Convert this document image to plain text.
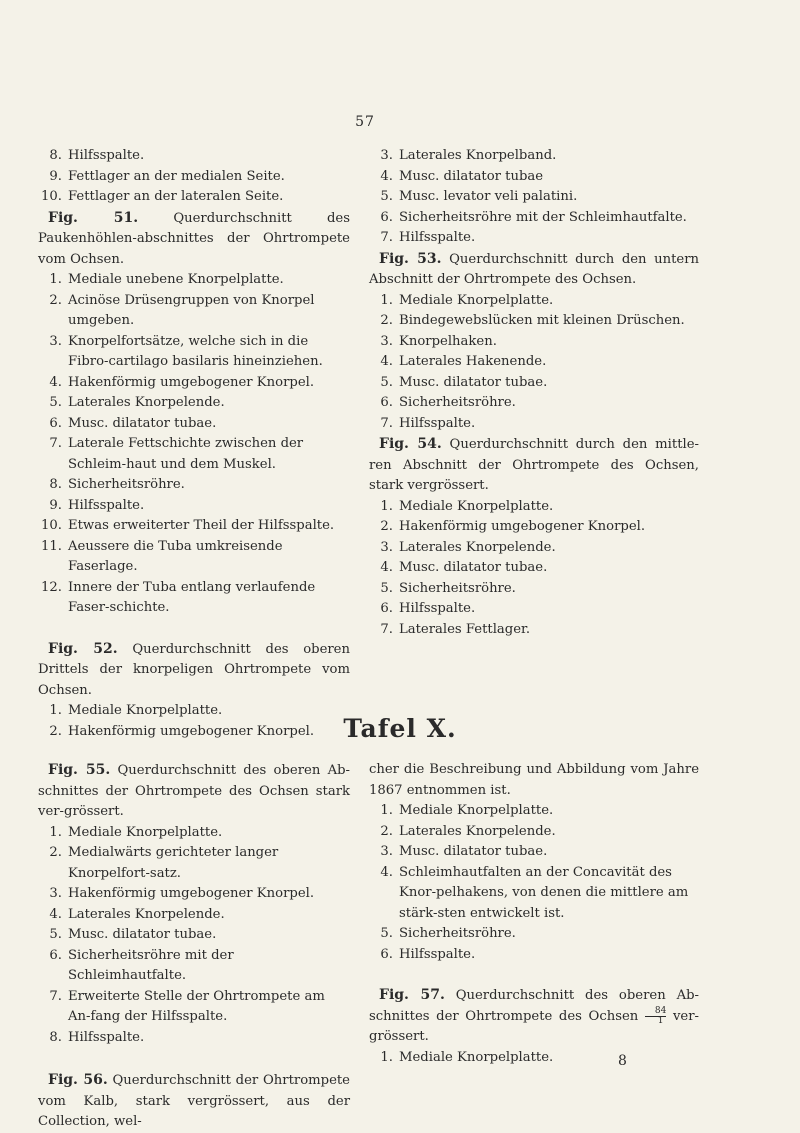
57
8. Hilfsspalte.
9. Fettlager an der medialen Seite.
10. Fettlager an der lateralen Seite.

Fig. 51.	Querdurchschnitt des Paukenhöhlen-abschnittes der Ohrtrompete vom Ochsen.

1. Mediale unebene Knorpelplatte.
2. Acinöse Drüsengruppen von Knorpel umgeben.
3. Knorpelfortsätze, welche sich in die Fibro-cartilago basilaris hineinziehen.
4. Hakenförmig umgebogener Knorpel.
5. Laterales Knorpelende.
6. Musc. dilatator tubae.
7. Laterale Fettschichte zwischen der Schleim-haut und dem Muskel.
8. Sicherheitsröhre.
9. Hilfsspalte.
10. Etwas erweiterter Theil der Hilfsspalte.
11. Aeussere die Tuba umkreisende Faserlage.
12. Innere der Tuba entlang verlaufende Faser-schichte.

Fig. 52. Querdurchschnitt des oberen Drittels der knorpeligen Ohrtrompete vom Ochsen.

1. Mediale Knorpelplatte.
2. Hakenförmig umgebogener Knorpel.
3. Laterales Knorpelband.
4. Musc. dilatator tubae
5. Musc. levator veli palatini.
6. Sicherheitsröhre mit der Schleimhautfalte.
7. Hilfsspalte.

Fig. 53. Querdurchschnitt durch den untern Abschnitt der Ohrtrompete des Ochsen.

1. Mediale Knorpelplatte.
2. Bindegewebslücken mit kleinen Drüschen.
3. Knorpelhaken.
4. Laterales Hakenende.
5. Musc. dilatator tubae.
6. Sicherheitsröhre.
7. Hilfsspalte.

Fig. 54. Querdurchschnitt durch den mittle-ren Abschnitt der Ohrtrompete des Ochsen, stark vergrössert.

1. Mediale Knorpelplatte.
2. Hakenförmig umgebogener Knorpel.
3. Laterales Knorpelende.
4. Musc. dilatator tubae.
5. Sicherheitsröhre.
6. Hilfsspalte.
7. Laterales Fettlager.
Tafel X.

Fig. 55. Querdurchschnitt des oberen Ab-schnittes der Ohrtrompete des Ochsen stark ver-grössert.

1. Mediale Knorpelplatte.
2. Medialwärts gerichteter langer Knorpelfort-satz.
3. Hakenförmig umgebogener Knorpel.
4. Laterales Knorpelende.
5. Musc. dilatator tubae.
6. Sicherheitsröhre mit der Schleimhautfalte.
7. Erweiterte Stelle der Ohrtrompete am An-fang der Hilfsspalte.
8. Hilfsspalte.

Fig. 56. Querdurchschnitt der Ohrtrompete vom Kalb, stark vergrössert, aus der Collection, wel-

cher die Beschreibung und Abbildung vom Jahre 1867 entnommen ist.

1. Mediale Knorpelplatte.
2. Laterales Knorpelende.
3. Musc. dilatator tubae.
4. Schleimhautfalten an der Concavität des Knor-pelhakens, von denen die mittlere am stärk-sten entwickelt ist.
5. Sicherheitsröhre.
6. Hilfsspalte.

Fig. 57. Querdurchschnitt des oberen Ab-schnittes der Ohrtrompete des Ochsen $\frac{84}{1}$ ver-grössert.

1. Mediale Knorpelplatte.	8
